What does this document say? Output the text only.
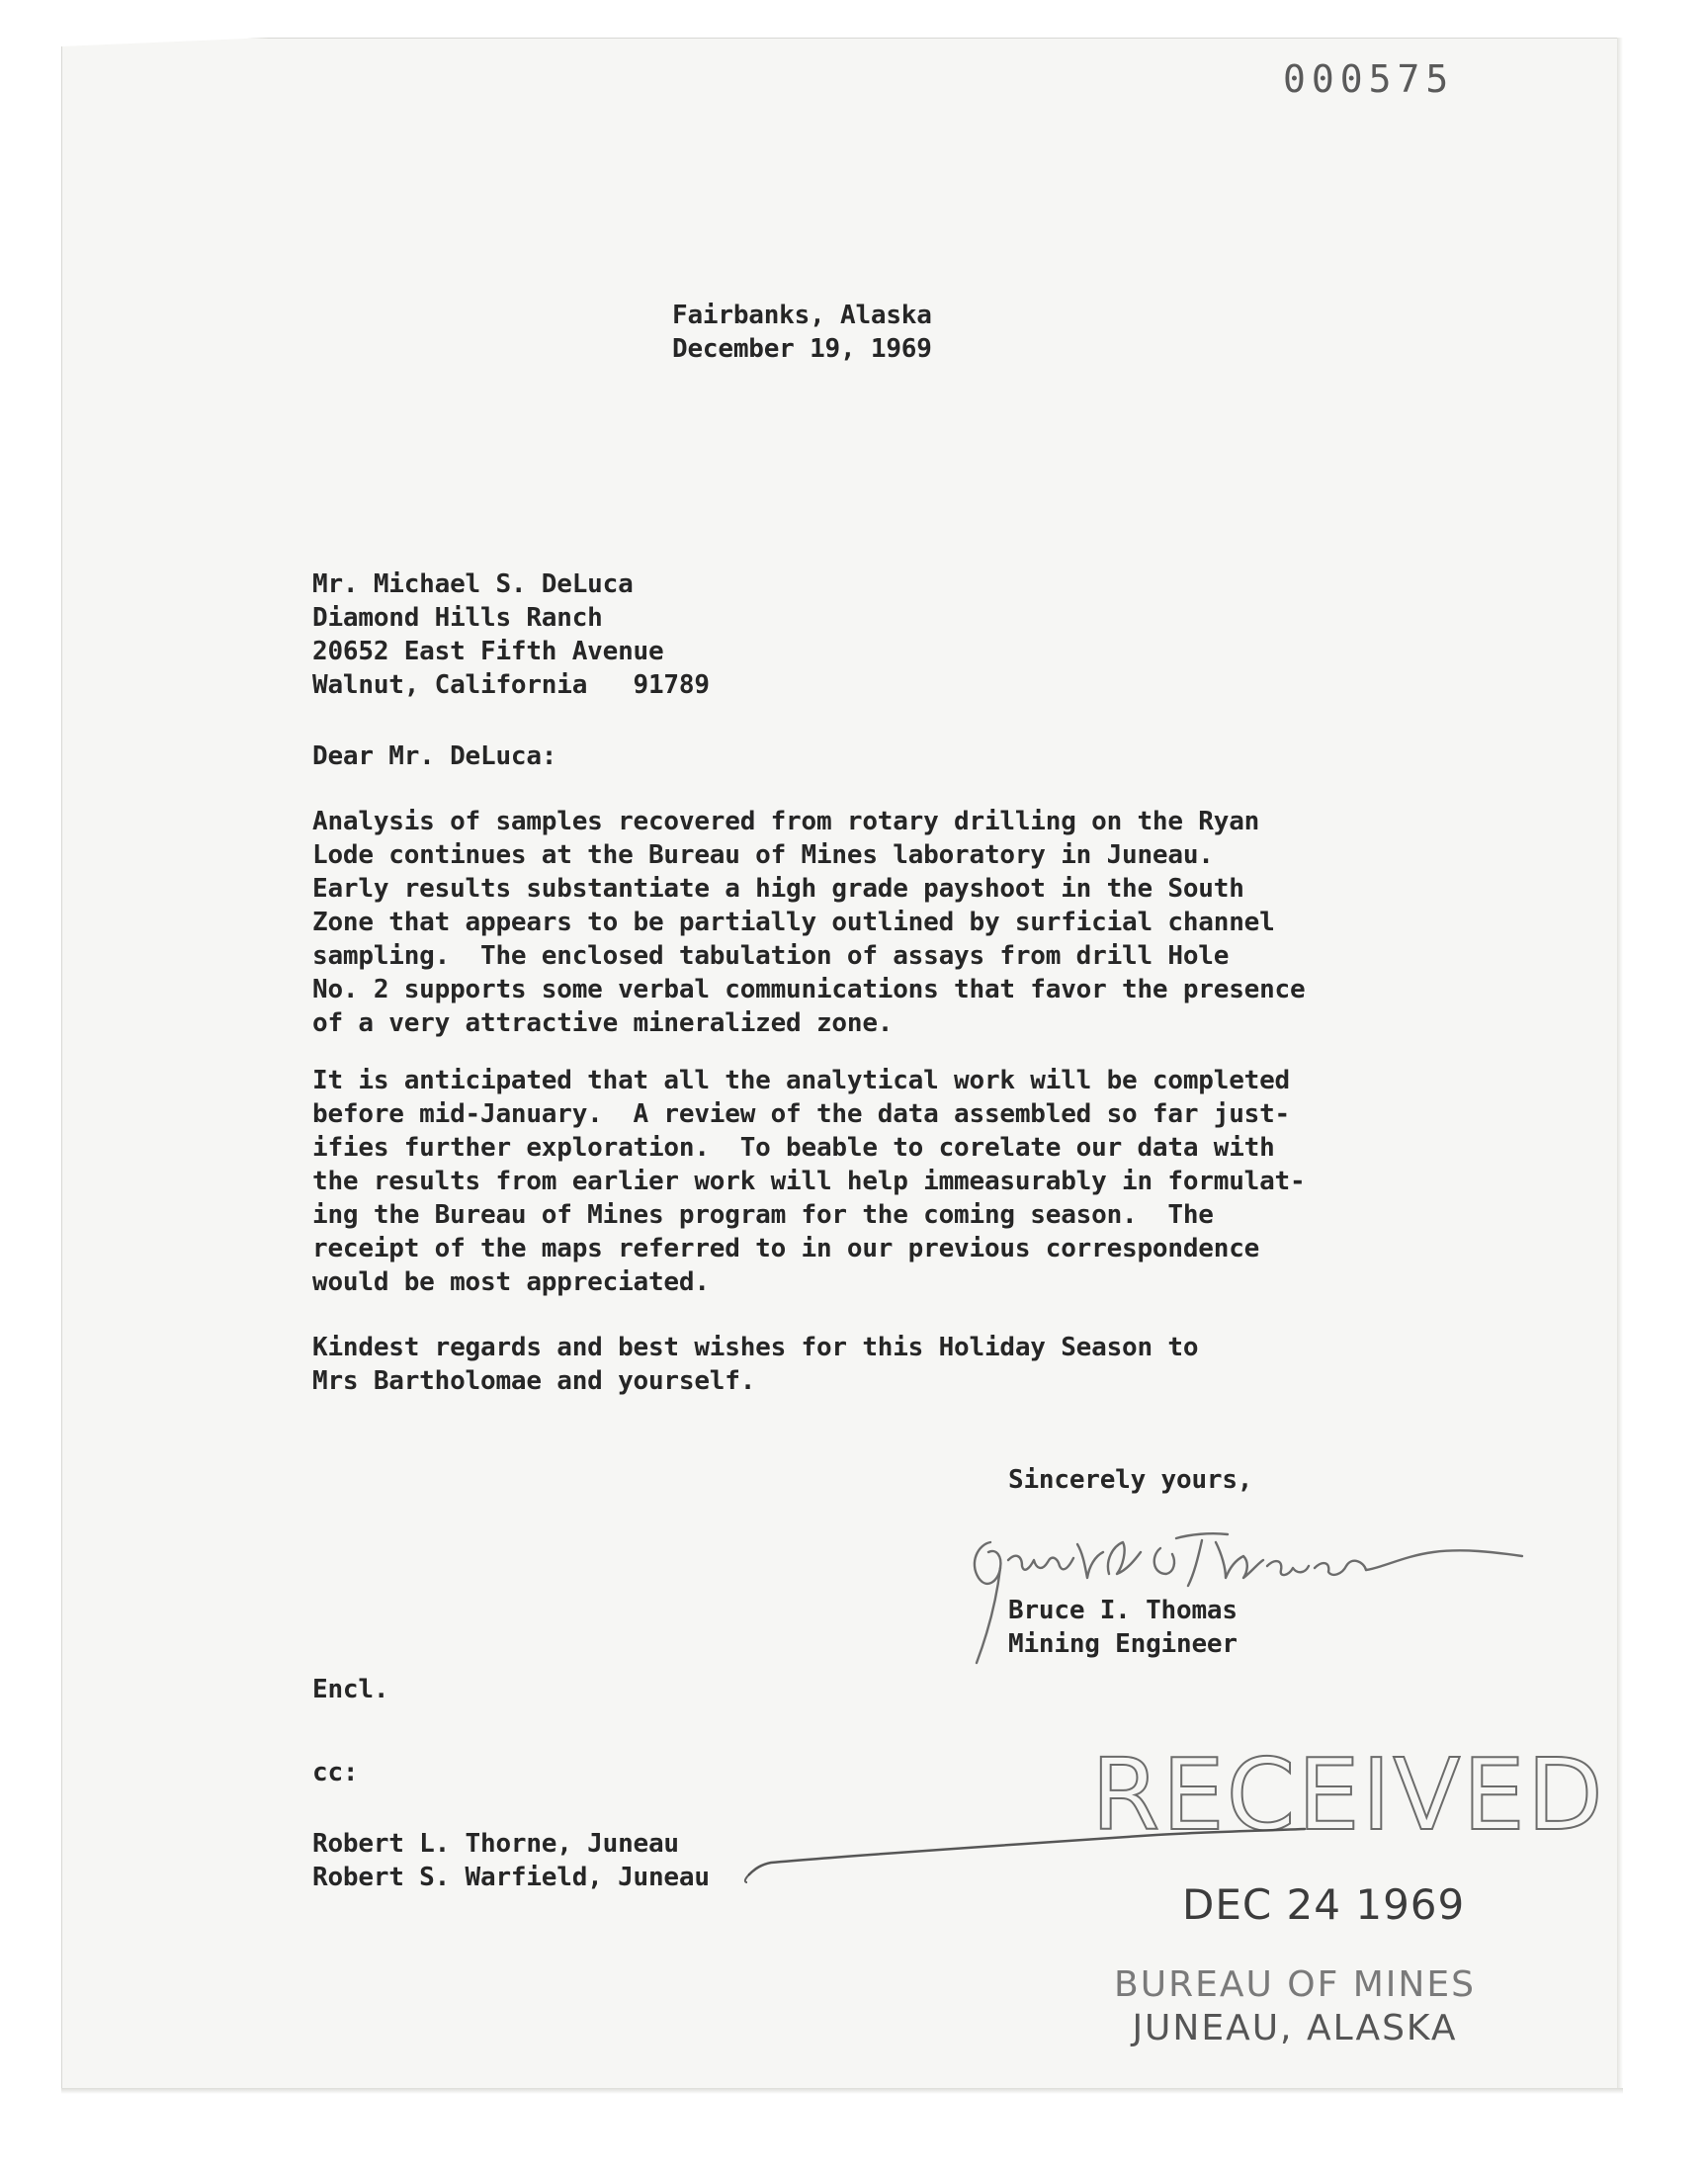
000575
Fairbanks, Alaska
December 19, 1969
Mr. Michael S. DeLuca
Diamond Hills Ranch
20652 East Fifth Avenue
Walnut, California   91789
Dear Mr. DeLuca:
Analysis of samples recovered from rotary drilling on the Ryan
Lode continues at the Bureau of Mines laboratory in Juneau.
Early results substantiate a high grade payshoot in the South
Zone that appears to be partially outlined by surficial channel
sampling.  The enclosed tabulation of assays from drill Hole
No. 2 supports some verbal communications that favor the presence
of a very attractive mineralized zone.
It is anticipated that all the analytical work will be completed
before mid-January.  A review of the data assembled so far just-
ifies further exploration.  To beable to corelate our data with
the results from earlier work will help immeasurably in formulat-
ing the Bureau of Mines program for the coming season.  The
receipt of the maps referred to in our previous correspondence
would be most appreciated.
Kindest regards and best wishes for this Holiday Season to
Mrs Bartholomae and yourself.
Sincerely yours,
Bruce I. Thomas
Mining Engineer
Encl.
cc:
Robert L. Thorne, Juneau
Robert S. Warfield, Juneau
RECEIVED
DEC 24 1969
BUREAU OF MINES
JUNEAU, ALASKA
